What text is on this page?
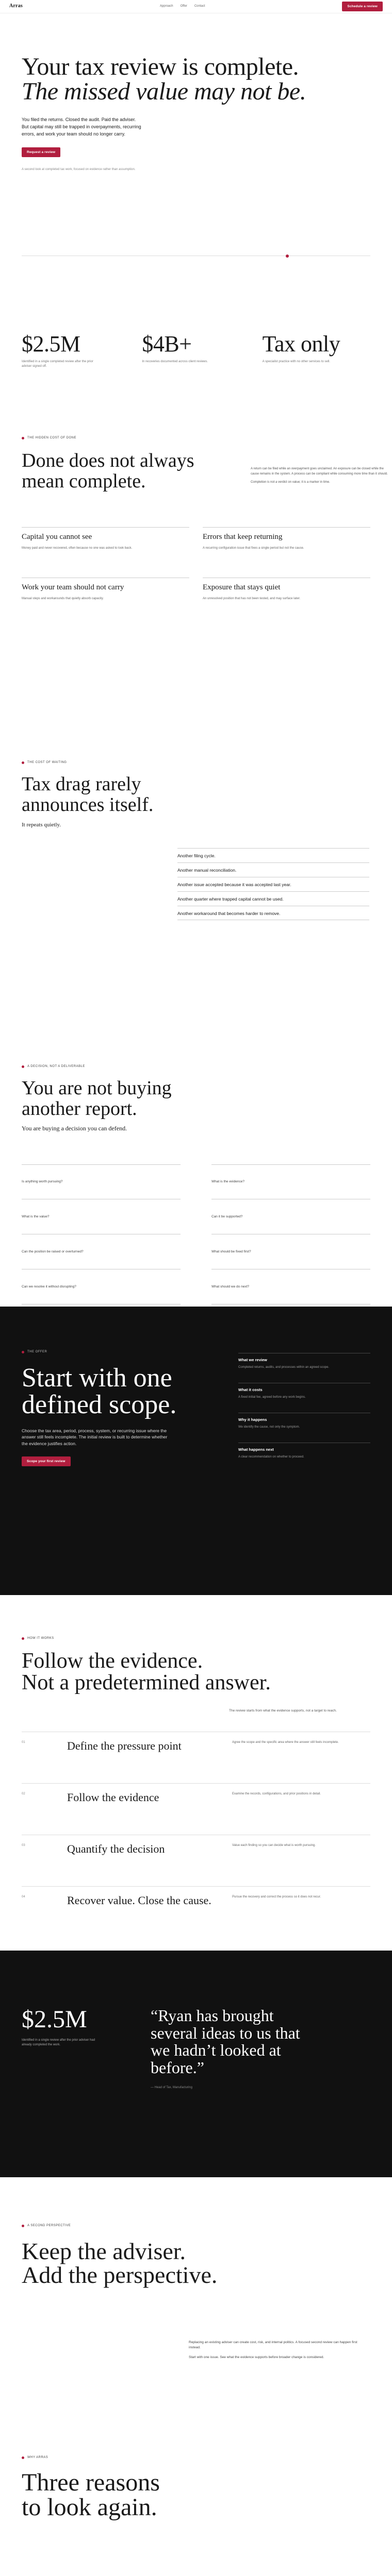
Arras	Approach Offer Contact	Schedule a review
Your tax review is complete.
The missed value may not be.

You filed the returns. Closed the audit. Paid the adviser.

But capital may still be trapped in overpayments, recurring errors, and work your team should no longer carry.

Request a review

A second look at completed tax work, focused on evidence rather than assumption.

$2.5M

Identified in a single completed review after the prior adviser signed off.

$4B+

In recoveries documented across client reviews.

Tax only

A specialist practice with no other services to sell.

THE HIDDEN COST OF DONE
Done does not always
mean complete.

A return can be filed while an overpayment goes unclaimed. An exposure can be closed while the cause remains in the system. A process can be compliant while consuming more time than it should.

Completion is not a verdict on value; it is a marker in time.

Capital you cannot see

Money paid and never recovered, often because no one was asked to look back.

Errors that keep returning

A recurring configuration issue that fixes a single period but not the cause.

Work your team should not carry

Manual steps and workarounds that quietly absorb capacity.

Exposure that stays quiet

An unresolved position that has not been tested, and may surface later.

THE COST OF WAITING
Tax drag rarely
announces itself.

It repeats quietly.

Another filing cycle.
Another manual reconciliation.
Another issue accepted because it was accepted last year.
Another quarter where trapped capital cannot be used.
Another workaround that becomes harder to remove.
A DECISION, NOT A DELIVERABLE
You are not buying
another report.

You are buying a decision you can defend.

Is anything worth pursuing?	What is the evidence?
What is the value?	Can it be supported?
Can the position be raised or overturned?	What should be fixed first?
Can we resolve it without disrupting?	What should we do next?
THE OFFER
Start with one defined scope.

Choose the tax area, period, process, system, or recurring issue where the answer still feels incomplete. The initial review is built to determine whether the evidence justifies action.

Scope your first review
What we review
Completed returns, audits, and processes within an agreed scope.
What it costs
A fixed initial fee, agreed before any work begins.
Why it happens
We identify the cause, not only the symptom.
What happens next
A clear recommendation on whether to proceed.
HOW IT WORKS
Follow the evidence.
Not a predetermined answer.

The review starts from what the evidence supports, not a target to reach.

01	Define the pressure point	Agree the scope and the specific area where the answer still feels incomplete.

02	Follow the evidence	Examine the records, configurations, and prior positions in detail.

03	Quantify the decision	Value each finding so you can decide what is worth pursuing.

04	Recover value. Close the cause.	Pursue the recovery and correct the process so it does not recur.

$2.5M

Identified in a single review after the prior adviser had already completed the work.

“Ryan has brought several ideas to us that we hadn’t looked at before.”

— Head of Tax, Manufacturing

A SECOND PERSPECTIVE
Keep the adviser.
Add the perspective.

Replacing an existing adviser can create cost, risk, and internal politics. A focused second review can happen first instead.

Start with one issue. See what the evidence supports before broader change is considered.

WHY ARRAS
Three reasons
to look again.
